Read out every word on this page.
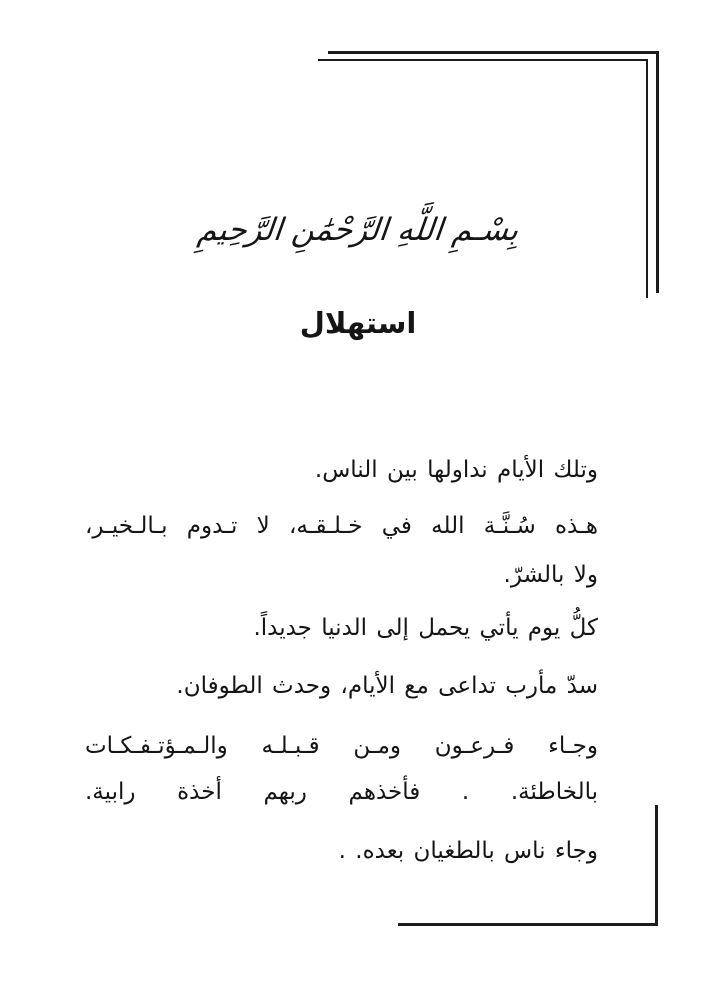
بِسْـمِ اللَّهِ الرَّحْمَٰنِ الرَّحِيمِ
استهلال
وتلك الأيام نداولها بين الناس.
هـذه سُـنَّـة الله في خـلـقـه، لا تـدوم بـالـخيـر،
ولا بالشرّ.
كلُّ يوم يأتي يحمل إلى الدنيا جديداً.
سدّ مأرب تداعى مع الأيام، وحدث الطوفان.
وجـاء فـرعـون ومـن قـبـلـه والـمـؤتـفـكـات
بالخاطئة. . فأخذهم ربهم أخذة رابية.
وجاء ناس بالطغيان بعده. .
